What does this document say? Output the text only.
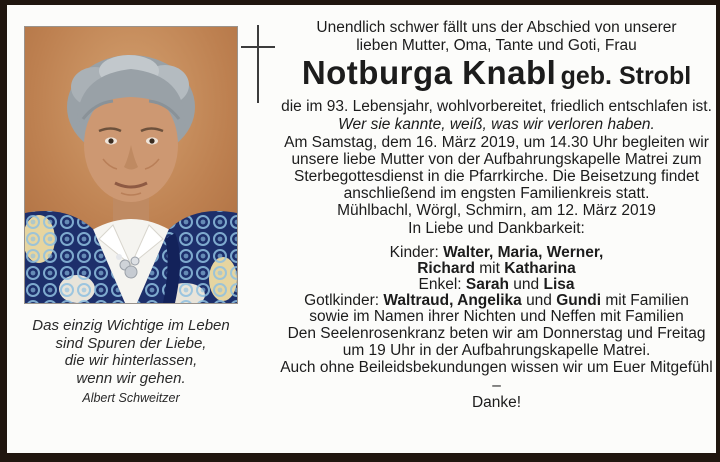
Das einzig Wichtige im Leben
sind Spuren der Liebe,
die wir hinterlassen,
wenn wir gehen.
Albert Schweitzer

Unendlich schwer fällt uns der Abschied von unserer

lieben Mutter, Oma, Tante und Goti, Frau

Notburga Knabl geb. Strobl

die im 93. Lebensjahr, wohlvorbereitet, friedlich entschlafen ist.

Wer sie kannte, weiß, was wir verloren haben.

Am Samstag, dem 16. März 2019, um 14.30 Uhr begleiten wir
unsere liebe Mutter von der Aufbahrungskapelle Matrei zum
Sterbegottesdienst in die Pfarrkirche. Die Beisetzung findet
anschließend im engsten Familienkreis statt.

Mühlbachl, Wörgl, Schmirn, am 12. März 2019

In Liebe und Dankbarkeit:

Kinder: Walter, Maria, Werner,
Richard mit Katharina
Enkel: Sarah und Lisa
Gotlkinder: Waltraud, Angelika und Gundi mit Familien
sowie im Namen ihrer Nichten und Neffen mit Familien

Den Seelenrosenkranz beten wir am Donnerstag und Freitag
um 19 Uhr in der Aufbahrungskapelle Matrei.

Auch ohne Beileidsbekundungen wissen wir um Euer Mitgefühl –
Danke!
